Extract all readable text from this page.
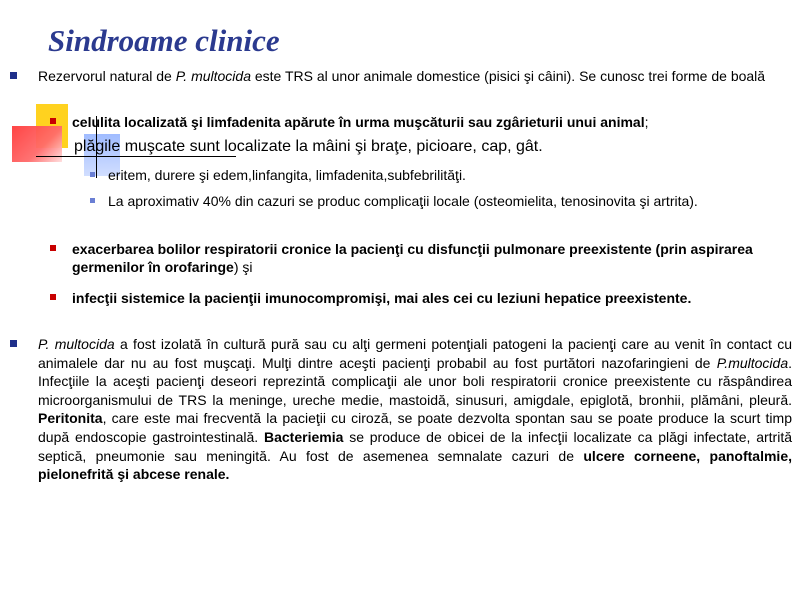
Sindroame clinice
Rezervorul natural de P. multocida este TRS al unor animale domestice (pisici şi câini). Se cunosc trei forme de boală
celulita localizată şi limfadenita apărute în urma muşcăturii sau zgârieturii unui animal;
plăgile muşcate sunt localizate la mâini şi braţe, picioare, cap, gât.
eritem, durere şi edem,linfangita, limfadenita,subfebrilităţi.
La aproximativ 40% din cazuri se produc complicaţii locale (osteomielita, tenosinovita şi artrita).
exacerbarea bolilor respiratorii cronice la pacienţi cu disfuncţii pulmonare preexistente (prin aspirarea germenilor în orofaringe) şi
infecţii sistemice la pacienţii imunocompromişi, mai ales cei cu leziuni hepatice preexistente.
P. multocida a fost izolată în cultură pură sau cu alţi germeni potenţiali patogeni la pacienţi care au venit în contact cu animalele dar nu au fost muşcaţi. Mulţi dintre aceşti pacienţi probabil au fost purtători nazofaringieni de P.multocida. Infecţiile la aceşti pacienţi deseori reprezintă complicaţii ale unor boli respiratorii cronice preexistente cu răspândirea microorganismului de TRS la meninge, ureche medie, mastoidă, sinusuri, amigdale, epiglotă, bronhii, plămâni, pleură. Peritonita, care este mai frecventă la pacieţii cu ciroză, se poate dezvolta spontan sau se poate produce la scurt timp după endoscopie gastrointestinală. Bacteriemia se produce de obicei de la infecţii localizate ca plăgi infectate, artrită septică, pneumonie sau meningită. Au fost de asemenea semnalate cazuri de ulcere corneene, panoftalmie, pielonefrită şi abcese renale.
